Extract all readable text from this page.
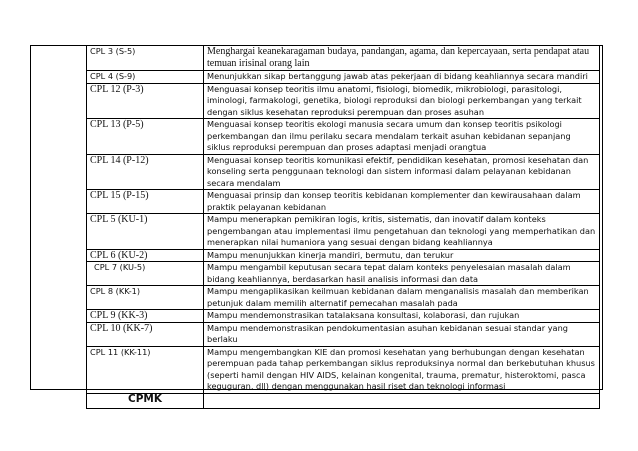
CPL 3 (S-5)	Menghargai keanekaragaman budaya, pandangan, agama, dan kepercayaan, serta pendapat atau temuan irisinal orang lain
CPL 4 (S-9)	Menunjukkan sikap bertanggung jawab atas pekerjaan di bidang keahliannya secara mandiri
CPL 12 (P-3)	Menguasai konsep teoritis ilmu anatomi, fisiologi, biomedik, mikrobiologi, parasitologi, iminologi, farmakologi, genetika, biologi reproduksi dan biologi perkembangan yang terkait dengan siklus kesehatan reproduksi perempuan dan proses asuhan
CPL 13 (P-5)	Menguasai konsep teoritis ekologi manusia secara umum dan konsep teoritis psikologi perkembangan dan ilmu perilaku secara mendalam terkait asuhan kebidanan sepanjang siklus reproduksi perempuan dan proses adaptasi menjadi orangtua
CPL 14 (P-12)	Menguasai konsep teoritis komunikasi efektif, pendidikan kesehatan, promosi kesehatan dan konseling serta penggunaan teknologi dan sistem informasi dalam pelayanan kebidanan secara mendalam
CPL 15 (P-15)	Menguasai prinsip dan konsep teoritis kebidanan komplementer dan kewirausahaan dalam praktik pelayanan kebidanan
CPL 5 (KU-1)	Mampu menerapkan pemikiran logis, kritis, sistematis, dan inovatif dalam konteks pengembangan atau implementasi ilmu pengetahuan dan teknologi yang memperhatikan dan menerapkan nilai humaniora yang sesuai dengan bidang keahliannya
CPL 6 (KU-2)	Mampu menunjukkan kinerja mandiri, bermutu, dan terukur
CPL 7 (KU-5)	Mampu mengambil keputusan secara tepat dalam konteks penyelesaian masalah dalam bidang keahliannya, berdasarkan hasil analisis informasi dan data
CPL 8 (KK-1)	Mampu mengaplikasikan keilmuan kebidanan dalam menganalisis masalah dan memberikan petunjuk dalam memilih alternatif pemecahan masalah pada
CPL 9 (KK-3)	Mampu mendemonstrasikan tatalaksana konsultasi, kolaborasi, dan rujukan
CPL 10 (KK-7)	Mampu mendemonstrasikan pendokumentasian asuhan kebidanan sesuai standar yang berlaku
CPL 11 (KK-11)	Mampu mengembangkan KIE dan promosi kesehatan yang berhubungan dengan kesehatan perempuan pada tahap perkembangan siklus reproduksinya normal dan berkebutuhan khusus (seperti hamil dengan HIV AIDS, kelainan kongenital, trauma, prematur, histeroktomi, pasca keguguran, dll) dengan menggunakan hasil riset dan teknologi informasi
CPMK	
